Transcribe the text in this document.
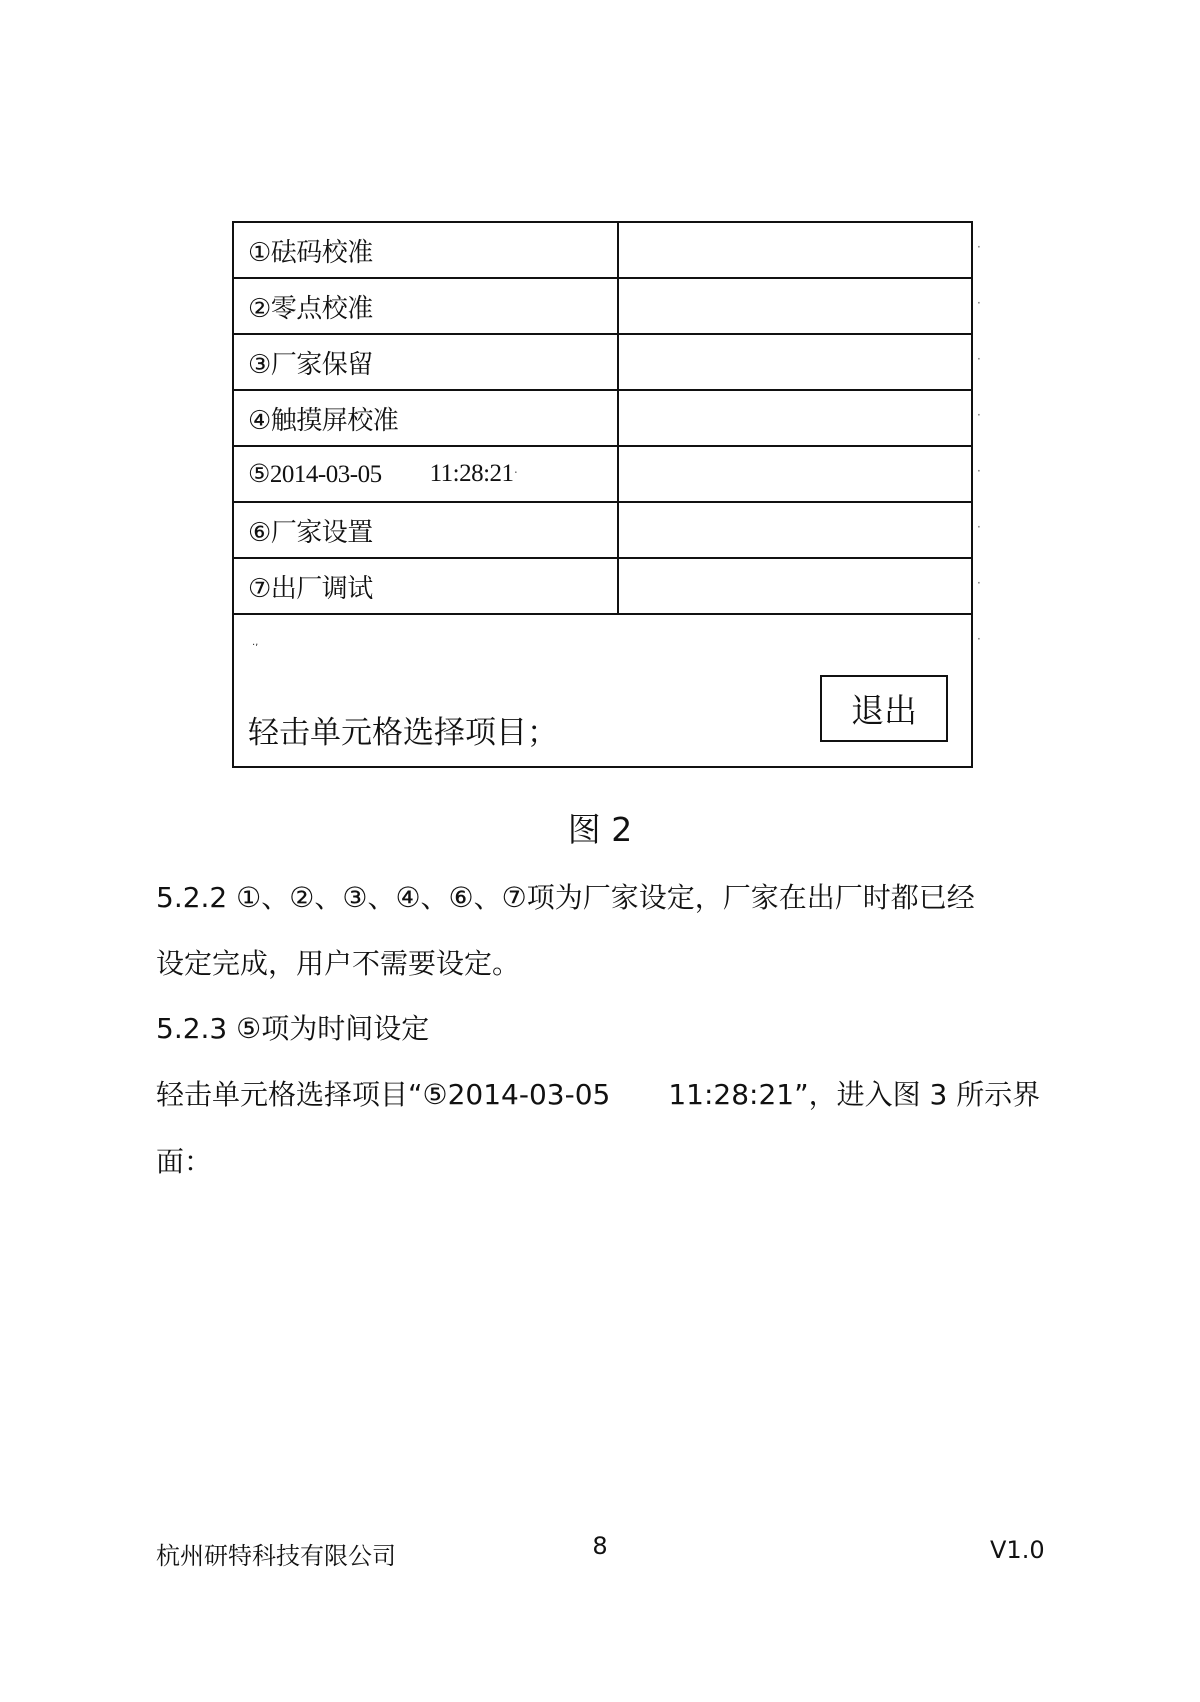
①砝码校准
②零点校准
③厂家保留
④触摸屏校准
⑤2014-03-05 11:28:21 ·
⑥厂家设置
⑦出厂调试
.,
轻击单元格选择项目；
退出
·
·
·
·
·
·
·
·
图 2
5.2.2 ①、②、③、④、⑥、⑦项为厂家设定，厂家在出厂时都已经
设定完成，用户不需要设定。
5.2.3 ⑤项为时间设定
轻击单元格选择项目“⑤2014-03-05 11:28:21”，进入图 3 所示界
面：
杭州研特科技有限公司	8	V1.0
